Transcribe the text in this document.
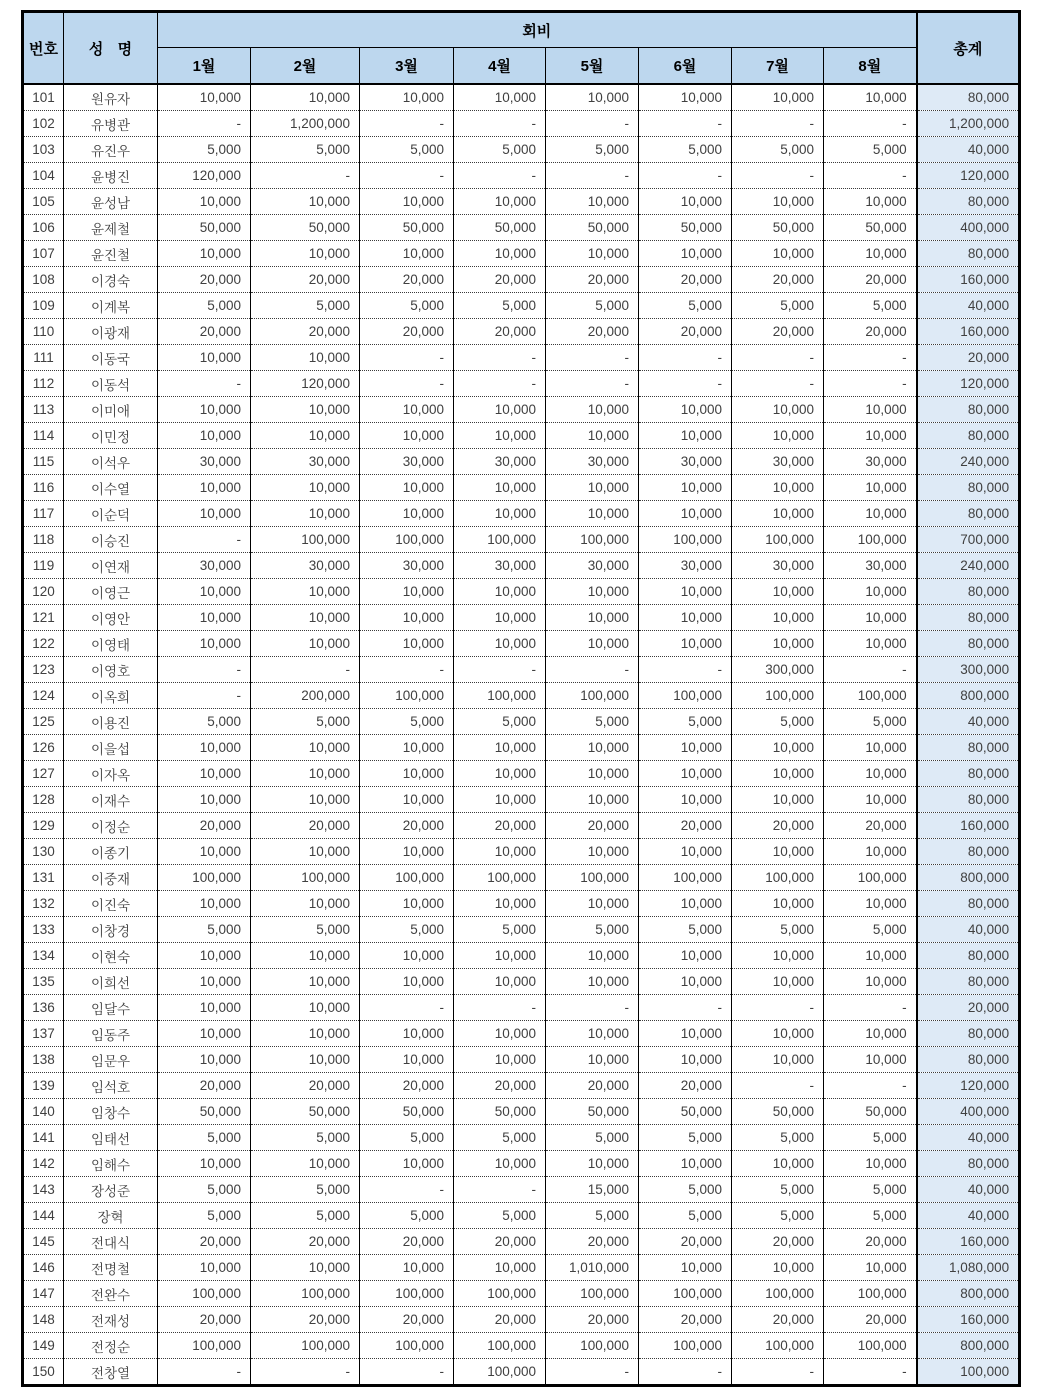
번호	성 명	회비								총계
		1월	2월	3월	4월	5월	6월	7월	8월	
101	원유자	10,000	10,000	10,000	10,000	10,000	10,000	10,000	10,000	80,000
102	유병관	-	1,200,000	-	-	-	-	-	-	1,200,000
103	유진우	5,000	5,000	5,000	5,000	5,000	5,000	5,000	5,000	40,000
104	윤병진	120,000	-	-	-	-	-	-	-	120,000
105	윤성남	10,000	10,000	10,000	10,000	10,000	10,000	10,000	10,000	80,000
106	윤제철	50,000	50,000	50,000	50,000	50,000	50,000	50,000	50,000	400,000
107	윤진철	10,000	10,000	10,000	10,000	10,000	10,000	10,000	10,000	80,000
108	이경숙	20,000	20,000	20,000	20,000	20,000	20,000	20,000	20,000	160,000
109	이계복	5,000	5,000	5,000	5,000	5,000	5,000	5,000	5,000	40,000
110	이광재	20,000	20,000	20,000	20,000	20,000	20,000	20,000	20,000	160,000
111	이동국	10,000	10,000	-	-	-	-	-	-	20,000
112	이동석	-	120,000	-	-	-	-	-	-	120,000
113	이미애	10,000	10,000	10,000	10,000	10,000	10,000	10,000	10,000	80,000
114	이민정	10,000	10,000	10,000	10,000	10,000	10,000	10,000	10,000	80,000
115	이석우	30,000	30,000	30,000	30,000	30,000	30,000	30,000	30,000	240,000
116	이수열	10,000	10,000	10,000	10,000	10,000	10,000	10,000	10,000	80,000
117	이순덕	10,000	10,000	10,000	10,000	10,000	10,000	10,000	10,000	80,000
118	이승진	-	100,000	100,000	100,000	100,000	100,000	100,000	100,000	700,000
119	이연재	30,000	30,000	30,000	30,000	30,000	30,000	30,000	30,000	240,000
120	이영근	10,000	10,000	10,000	10,000	10,000	10,000	10,000	10,000	80,000
121	이영안	10,000	10,000	10,000	10,000	10,000	10,000	10,000	10,000	80,000
122	이영태	10,000	10,000	10,000	10,000	10,000	10,000	10,000	10,000	80,000
123	이영호	-	-	-	-	-	-	300,000	-	300,000
124	이옥희	-	200,000	100,000	100,000	100,000	100,000	100,000	100,000	800,000
125	이용진	5,000	5,000	5,000	5,000	5,000	5,000	5,000	5,000	40,000
126	이을섭	10,000	10,000	10,000	10,000	10,000	10,000	10,000	10,000	80,000
127	이자옥	10,000	10,000	10,000	10,000	10,000	10,000	10,000	10,000	80,000
128	이재수	10,000	10,000	10,000	10,000	10,000	10,000	10,000	10,000	80,000
129	이정순	20,000	20,000	20,000	20,000	20,000	20,000	20,000	20,000	160,000
130	이종기	10,000	10,000	10,000	10,000	10,000	10,000	10,000	10,000	80,000
131	이중재	100,000	100,000	100,000	100,000	100,000	100,000	100,000	100,000	800,000
132	이진숙	10,000	10,000	10,000	10,000	10,000	10,000	10,000	10,000	80,000
133	이창경	5,000	5,000	5,000	5,000	5,000	5,000	5,000	5,000	40,000
134	이현숙	10,000	10,000	10,000	10,000	10,000	10,000	10,000	10,000	80,000
135	이희선	10,000	10,000	10,000	10,000	10,000	10,000	10,000	10,000	80,000
136	임달수	10,000	10,000	-	-	-	-	-	-	20,000
137	임동주	10,000	10,000	10,000	10,000	10,000	10,000	10,000	10,000	80,000
138	임문우	10,000	10,000	10,000	10,000	10,000	10,000	10,000	10,000	80,000
139	임석호	20,000	20,000	20,000	20,000	20,000	20,000	-	-	120,000
140	임창수	50,000	50,000	50,000	50,000	50,000	50,000	50,000	50,000	400,000
141	임태선	5,000	5,000	5,000	5,000	5,000	5,000	5,000	5,000	40,000
142	임해수	10,000	10,000	10,000	10,000	10,000	10,000	10,000	10,000	80,000
143	장성준	5,000	5,000	-	-	15,000	5,000	5,000	5,000	40,000
144	장혁	5,000	5,000	5,000	5,000	5,000	5,000	5,000	5,000	40,000
145	전대식	20,000	20,000	20,000	20,000	20,000	20,000	20,000	20,000	160,000
146	전명철	10,000	10,000	10,000	10,000	1,010,000	10,000	10,000	10,000	1,080,000
147	전완수	100,000	100,000	100,000	100,000	100,000	100,000	100,000	100,000	800,000
148	전재성	20,000	20,000	20,000	20,000	20,000	20,000	20,000	20,000	160,000
149	전정순	100,000	100,000	100,000	100,000	100,000	100,000	100,000	100,000	800,000
150	전창열	-	-	-	100,000	-	-	-	-	100,000
